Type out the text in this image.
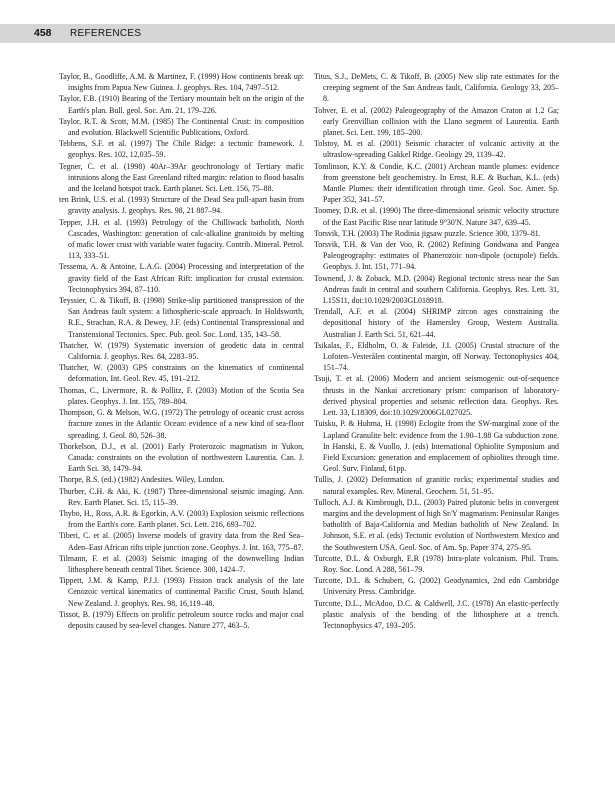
458 REFERENCES

Taylor, B., Goodliffe, A.M. & Martinez, F. (1999) How continents break up: insights from Papua New Guinea. J. geophys. Res. 104, 7497–512.

Taylor, F.B. (1910) Bearing of the Tertiary mountain belt on the origin of the Earth's plan. Bull. geol. Soc. Am. 21, 179–226.

Taylor, R.T. & Scott, M.M. (1985) The Continental Crust: its composition and evolution. Blackwell Scientific Publications, Oxford.

Tebbens, S.F. et al. (1997) The Chile Ridge: a tectonic framework. J. geophys. Res. 102, 12,035–59.

Tegner, C. et al. (1998) 40Ar–39Ar geochronology of Tertiary mafic intrusions along the East Greenland rifted margin: relation to flood basalts and the Iceland hotspot track. Earth planet. Sci. Lett. 156, 75–88.

ten Brink, U.S. et al. (1993) Structure of the Dead Sea pull-apart basin from gravity analysis. J. geophys. Res. 98, 21 887–94.

Tepper, J.H. et al. (1993) Petrology of the Chilliwack batholith, North Cascades, Washington: generation of calc-alkaline granitoids by melting of mafic lower crust with variable water fugacity. Contrib. Mineral. Petrol. 113, 333–51.

Tessema, A. & Antoine, L.A.G. (2004) Processing and interpretation of the gravity field of the East African Rift: implication for crustal extension. Tectonophysics 394, 87–110.

Teyssier, C. & Tikoff, B. (1998) Strike-slip partitioned transpression of the San Andreas fault system: a lithospheric-scale approach. In Holdsworth, R.E., Strachan, R.A. & Dewey, J.F. (eds) Continental Transpressional and Transtensional Tectonics. Spec. Pub. geol. Soc. Lond. 135, 143–58.

Thatcher, W. (1979) Systematic inversion of geodetic data in central California. J. geophys. Res. 84, 2283–95.

Thatcher, W. (2003) GPS constraints on the kinematics of continental deformation. Int. Geol. Rev. 45, 191–212.

Thomas, C., Livermore, R. & Pollitz, F. (2003) Motion of the Scotia Sea plates. Geophys. J. Int. 155, 789–804.

Thompson, G. & Melson, W.G. (1972) The petrology of oceanic crust across fracture zones in the Atlantic Ocean: evidence of a new kind of sea-floor spreading. J. Geol. 80, 526–38.

Thorkelson, D.J., et al. (2001) Early Proterozoic magmatism in Yukon, Canada: constraints on the evolution of northwestern Laurentia. Can. J. Earth Sci. 38, 1479–94.

Thorpe, R.S. (ed.) (1982) Andesites. Wiley, London.

Thurber, C.H. & Aki, K. (1987) Three-dimensional seismic imaging. Ann. Rev. Earth Planet. Sci. 15, 115–39.

Thybo, H., Ross, A.R. & Egorkin, A.V. (2003) Explosion seismic reflections from the Earth's core. Earth planet. Sci. Lett. 216, 693–702.

Tiberi, C. et al. (2005) Inverse models of gravity data from the Red Sea–Aden–East African rifts triple junction zone. Geophys. J. Int. 163, 775–87.

Tilmann, F. et al. (2003) Seismic imaging of the downwelling Indian lithosphere beneath central Tibet. Science. 300, 1424–7.

Tippett, J.M. & Kamp, P.J.J. (1993) Fission track analysis of the late Cenozoic vertical kinematics of continental Pacific Crust, South Island, New Zealand. J. geophys. Res. 98, 16,119–48.

Tissot, B. (1979) Effects on prolific petroleum source rocks and major coal deposits caused by sea-level changes. Nature 277, 463–5.

Titus, S.J., DeMets, C. & Tikoff, B. (2005) New slip rate estimates for the creeping segment of the San Andreas fault, California. Geology 33, 205–8.

Tohver, E. et al. (2002) Paleogeography of the Amazon Craton at 1.2 Ga; early Grenvillian collision with the Llano segment of Laurentia. Earth planet. Sci. Lett. 199, 185–200.

Tolstoy, M. et al. (2001) Seismic character of volcanic activity at the ultraslow-spreading Gakkel Ridge. Geology 29, 1139–42.

Tomlinson, K.Y. & Condie, K.C. (2001) Archean mantle plumes: evidence from greenstone belt geochemistry. In Ernst, R.E. & Buchan, K.L. (eds) Mantle Plumes: their identification through time. Geol. Soc. Amer. Sp. Paper 352, 341–57.

Toomey, D.R. et al. (1990) The three-dimensional seismic velocity structure of the East Pacific Rise near latitude 9°30'N. Nature 347, 639–45.

Torsvik, T.H. (2003) The Rodinia jigsaw puzzle. Science 300, 1379–81.

Torsvik, T.H. & Van der Voo, R. (2002) Refining Gondwana and Pangea Paleogeography: estimates of Phanerozoic non-dipole (octupole) fields. Geophys. J. Int. 151, 771–94.

Townend, J. & Zoback, M.D. (2004) Regional tectonic stress near the San Andreas fault in central and southern California. Geophys. Res. Lett. 31, L15S11, doi:10.1029/2003GL018918.

Trendall, A.F. et al. (2004) SHRIMP zircon ages constraining the depositional history of the Hamersley Group, Western Australia. Australian J. Earth Sci. 51, 621–44.

Tsikalas, F., Eldholm, O. & Faleide, J.I. (2005) Crustal structure of the Lofoten–Vesterålen continental margin, off Norway. Tectonophysics 404, 151–74.

Tsuji, T. et al. (2006) Modern and ancient seismogenic out-of-sequence thrusts in the Nankai accretionary prism: comparison of laboratory-derived physical properties and seismic reflection data. Geophys. Res. Lett. 33, L18309, doi:10.1029/2006GL027025.

Tuisku, P. & Huhma, H. (1998) Eclogite from the SW-marginal zone of the Lapland Granulite belt: evidence from the 1.90–1.88 Ga subduction zone. In Hanski, E. & Vuollo, J. (eds) International Ophiolite Symposium and Field Excursion: generation and emplacement of ophiolites through time. Geol. Surv. Finland, 61pp.

Tullis, J. (2002) Deformation of granitic rocks; experimental studies and natural examples. Rev. Mineral. Geochem. 51, 51–95.

Tulloch, A.J. & Kimbrough, D.L. (2003) Paired plutonic belts in convergent margins and the development of high Sr/Y magmatism: Peninsular Ranges batholith of Baja-California and Median batholith of New Zealand. In Johnson, S.E. et al. (eds) Tectonic evolution of Northwestern Mexico and the Southwestern USA. Geol. Soc. of Am. Sp. Paper 374, 275–95.

Turcotte, D.L. & Oxburgh, E.R (1978) Intra-plate volcanism. Phil. Trans. Roy. Soc. Lond. A 288, 561–79.

Turcotte, D.L. & Schubert, G. (2002) Geodynamics, 2nd edn Cambridge University Press. Cambridge.

Turcotte, D.L., McAdoo, D.C. & Caldwell, J.C. (1978) An elastic-perfectly plastic analysis of the bending of the lithosphere at a trench. Tectonophysics 47, 193–205.
